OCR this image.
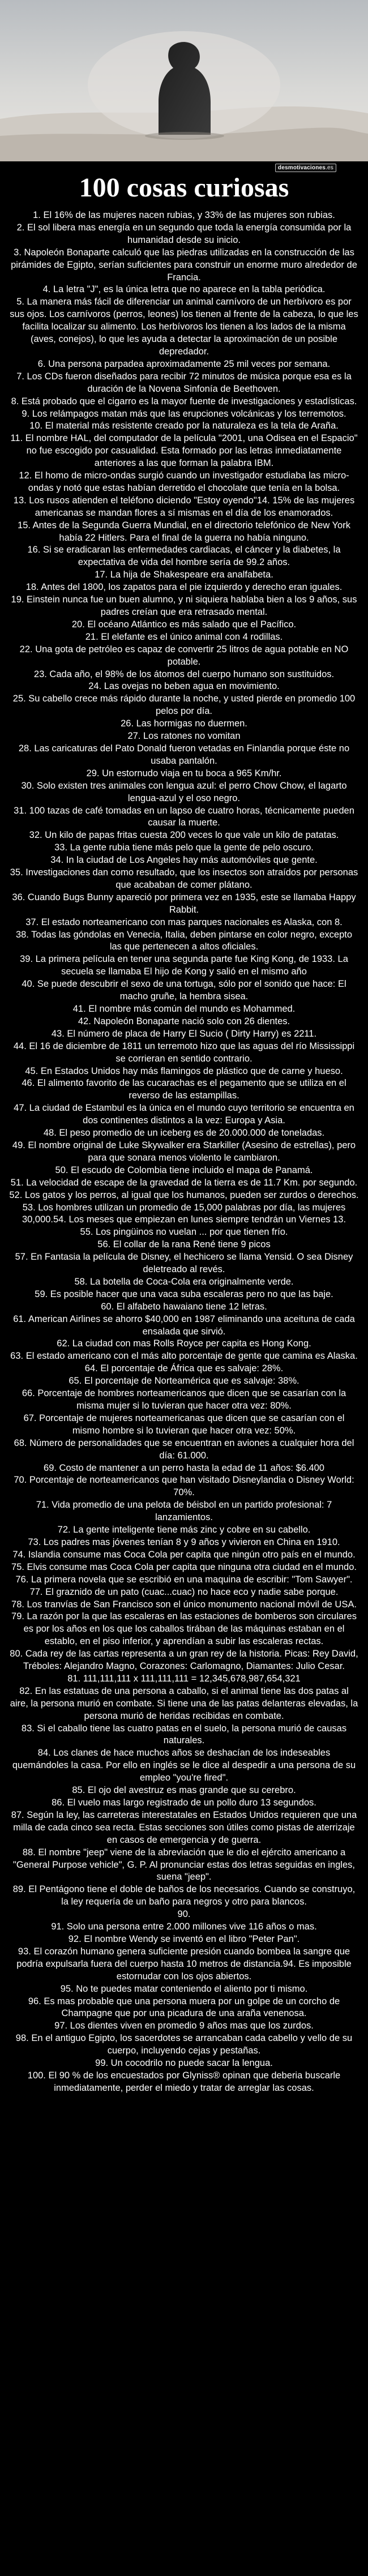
desmotivaciones.es
100 cosas curiosas

1. El 16% de las mujeres nacen rubias, y 33% de las mujeres son rubias.

2. El sol libera mas energía en un segundo que toda la energía consumida por la humanidad desde su inicio.

3. Napoleón Bonaparte calculó que las piedras utilizadas en la construcción de las pirámides de Egipto, serían suficientes para construir un enorme muro alrededor de Francia.

4. La letra "J", es la única letra que no aparece en la tabla periódica.

5. La manera más fácil de diferenciar un animal carnívoro de un herbívoro es por sus ojos. Los carnívoros (perros, leones) los tienen al frente de la cabeza, lo que les facilita localizar su alimento. Los herbívoros los tienen a los lados de la misma (aves, conejos), lo que les ayuda a detectar la aproximación de un posible depredador.

6. Una persona parpadea aproximadamente 25 mil veces por semana.

7. Los CDs fueron diseñados para recibir 72 minutos de música porque esa es la duración de la Novena Sinfonía de Beethoven.

8. Está probado que el cigarro es la mayor fuente de investigaciones y estadísticas.

9. Los relámpagos matan más que las erupciones volcánicas y los terremotos.

10. El material más resistente creado por la naturaleza es la tela de Araña.

11. El nombre HAL, del computador de la película "2001, una Odisea en el Espacio" no fue escogido por casualidad. Esta formado por las letras inmediatamente anteriores a las que forman la palabra IBM.

12. El homo de micro-ondas surgió cuando un investigador estudiaba las micro-ondas y notó que estas habían derretido el chocolate que tenía en la bolsa.

13. Los rusos atienden el teléfono diciendo "Estoy oyendo"14. 15% de las mujeres americanas se mandan flores a sí mismas en el día de los enamorados.

15. Antes de la Segunda Guerra Mundial, en el directorio telefónico de New York había 22 Hitlers. Para el final de la guerra no había ninguno.

16. Si se eradicaran las enfermedades cardiacas, el cáncer y la diabetes, la expectativa de vida del hombre sería de 99.2 años.

17. La hija de Shakespeare era analfabeta.

18. Antes del 1800, los zapatos para el pie izquierdo y derecho eran iguales.

19. Einstein nunca fue un buen alumno, y ni siquiera hablaba bien a los 9 años, sus padres creían que era retrasado mental.

20. El océano Atlántico es más salado que el Pacífico.

21. El elefante es el único animal con 4 rodillas.

22. Una gota de petróleo es capaz de convertir 25 litros de agua potable en NO potable.

23. Cada año, el 98% de los átomos del cuerpo humano son sustituidos.

24. Las ovejas no beben agua en movimiento.

25. Su cabello crece más rápido durante la noche, y usted pierde en promedio 100 pelos por día.

26. Las hormigas no duermen.

27. Los ratones no vomitan

28. Las caricaturas del Pato Donald fueron vetadas en Finlandia porque éste no usaba pantalón.

29. Un estornudo viaja en tu boca a 965 Km/hr.

30. Solo existen tres animales con lengua azul: el perro Chow Chow, el lagarto lengua-azul y el oso negro.

31. 100 tazas de café tomadas en un lapso de cuatro horas, técnicamente pueden causar la muerte.

32. Un kilo de papas fritas cuesta 200 veces lo que vale un kilo de patatas.

33. La gente rubia tiene más pelo que la gente de pelo oscuro.

34. In la ciudad de Los Angeles hay más automóviles que gente.

35. Investigaciones dan como resultado, que los insectos son atraídos por personas que acababan de comer plátano.

36. Cuando Bugs Bunny apareció por primera vez en 1935, este se llamaba Happy Rabbit.

37. El estado norteamericano con mas parques nacionales es Alaska, con 8.

38. Todas las góndolas en Venecia, Italia, deben pintarse en color negro, excepto las que pertenecen a altos oficiales.

39. La primera película en tener una segunda parte fue King Kong, de 1933. La secuela se llamaba El hijo de Kong y salió en el mismo año

40. Se puede descubrir el sexo de una tortuga, sólo por el sonido que hace: El macho gruñe, la hembra sisea.

41. El nombre más común del mundo es Mohammed.

42. Napoleón Bonaparte nació solo con 26 dientes.

43. El número de placa de Harry El Sucio ( Dirty Harry) es 2211.

44. El 16 de diciembre de 1811 un terremoto hizo que las aguas del río Mississippi se corrieran en sentido contrario.

45. En Estados Unidos hay más flamingos de plástico que de carne y hueso.

46. El alimento favorito de las cucarachas es el pegamento que se utiliza en el reverso de las estampillas.

47. La ciudad de Estambul es la única en el mundo cuyo territorio se encuentra en dos continentes distintos a la vez: Europa y Asia.

48. El peso promedio de un iceberg es de 20.000.000 de toneladas.

49. El nombre original de Luke Skywalker era Starkiller (Asesino de estrellas), pero para que sonara menos violento le cambiaron.

50. El escudo de Colombia tiene incluido el mapa de Panamá.

51. La velocidad de escape de la gravedad de la tierra es de 11.7 Km. por segundo.

52. Los gatos y los perros, al igual que los humanos, pueden ser zurdos o derechos.

53. Los hombres utilizan un promedio de 15,000 palabras por día, las mujeres 30,000.54. Los meses que empiezan en lunes siempre tendrán un Viernes 13.

55. Los pingüinos no vuelan ... por que tienen frío.

56. El collar de la rana René tiene 9 picos

57. En Fantasia la película de Disney, el hechicero se llama Yensid. O sea Disney deletreado al revés.

58. La botella de Coca-Cola era originalmente verde.

59. Es posible hacer que una vaca suba escaleras pero no que las baje.

60. El alfabeto hawaiano tiene 12 letras.

61. American Airlines se ahorro $40,000 en 1987 eliminando una aceituna de cada ensalada que sirvió.

62. La ciudad con mas Rolls Royce per capita es Hong Kong.

63. El estado americano con el más alto porcentaje de gente que camina es Alaska.

64. El porcentaje de África que es salvaje: 28%.

65. El porcentaje de Norteamérica que es salvaje: 38%.

66. Porcentaje de hombres norteamericanos que dicen que se casarían con la misma mujer si lo tuvieran que hacer otra vez: 80%.

67. Porcentaje de mujeres norteamericanas que dicen que se casarían con el mismo hombre si lo tuvieran que hacer otra vez: 50%.

68. Número de personalidades que se encuentran en aviones a cualquier hora del día: 61.000.

69. Costo de mantener a un perro hasta la edad de 11 años: $6.400

70. Porcentaje de norteamericanos que han visitado Disneylandia o Disney World: 70%.

71. Vida promedio de una pelota de béisbol en un partido profesional: 7 lanzamientos.

72. La gente inteligente tiene más zinc y cobre en su cabello.

73. Los padres mas jóvenes tenían 8 y 9 años y vivieron en China en 1910.

74. Islandia consume mas Coca Cola per capita que ningún otro país en el mundo.

75. Elvis consume mas Coca Cola per capita que ninguna otra ciudad en el mundo.

76. La primera novela que se escribió en una maquina de escribir: "Tom Sawyer".

77. El graznido de un pato (cuac...cuac) no hace eco y nadie sabe porque.

78. Los tranvías de San Francisco son el único monumento nacional móvil de USA.

79. La razón por la que las escaleras en las estaciones de bomberos son circulares es por los años en los que los caballos tirában de las máquinas estaban en el establo, en el piso inferior, y aprendían a subir las escaleras rectas.

80. Cada rey de las cartas representa a un gran rey de la historia. Picas: Rey David, Tréboles: Alejandro Magno, Corazones: Carlomagno, Diamantes: Julio Cesar.

81. 111,111,111 x 111,111,111 = 12,345,678,987,654,321

82. En las estatuas de una persona a caballo, si el animal tiene las dos patas al aire, la persona murió en combate. Si tiene una de las patas delanteras elevadas, la persona murió de heridas recibidas en combate.

83. Si el caballo tiene las cuatro patas en el suelo, la persona murió de causas naturales.

84. Los clanes de hace muchos años se deshacían de los indeseables quemándoles la casa. Por ello en inglés se le dice al despedir a una persona de su empleo "you're fired".

85. El ojo del avestruz es mas grande que su cerebro.

86. El vuelo mas largo registrado de un pollo duro 13 segundos.

87. Según la ley, las carreteras interestatales en Estados Unidos requieren que una milla de cada cinco sea recta. Estas secciones son útiles como pistas de aterrizaje en casos de emergencia y de guerra.

88. El nombre "jeep" viene de la abreviación que le dio el ejército americano a "General Purpose vehicle", G. P. Al pronunciar estas dos letras seguidas en ingles, suena "jeep".

89. El Pentágono tiene el doble de baños de los necesarios. Cuando se construyo, la ley requería de un baño para negros y otro para blancos.

90.

91. Solo una persona entre 2.000 millones vive 116 años o mas.

92. El nombre Wendy se inventó en el libro "Peter Pan".

93. El corazón humano genera suficiente presión cuando bombea la sangre que podría expulsarla fuera del cuerpo hasta 10 metros de distancia.94. Es imposible estornudar con los ojos abiertos.

95. No te puedes matar conteniendo el aliento por ti mismo.

96. Es mas probable que una persona muera por un golpe de un corcho de Champagne que por una picadura de una araña venenosa.

97. Los dientes viven en promedio 9 años mas que los zurdos.

98. En el antiguo Egipto, los sacerdotes se arrancaban cada cabello y vello de su cuerpo, incluyendo cejas y pestañas.

99. Un cocodrilo no puede sacar la lengua.

100. El 90 % de los encuestados por Glyniss® opinan que deberia buscarle inmediatamente, perder el miedo y tratar de arreglar las cosas.
